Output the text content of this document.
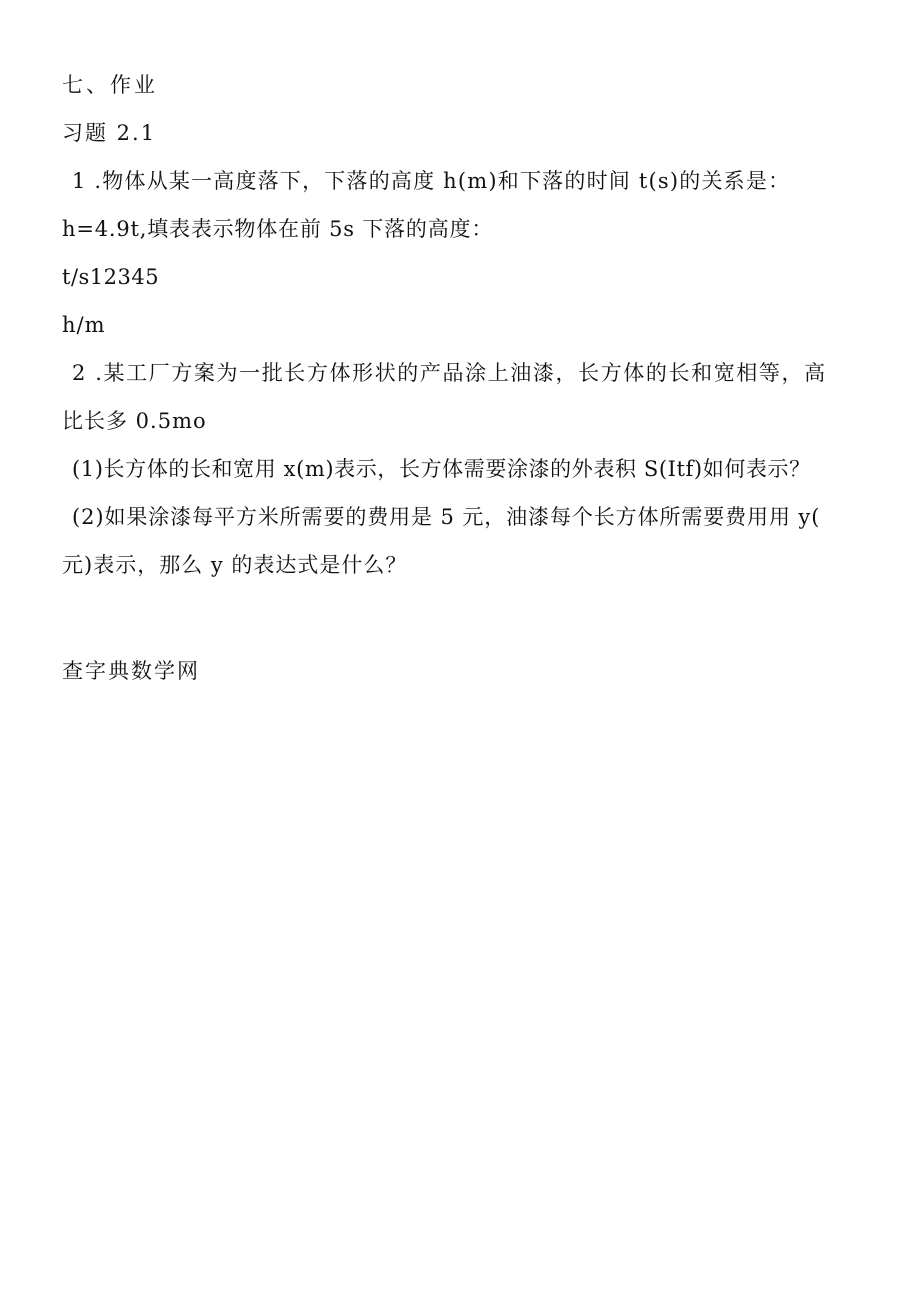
七、作业
习题 2.1
1 .物体从某一高度落下，下落的高度 h(m)和下落的时间 t(s)的关系是：
h=4.9t,填表表示物体在前 5s 下落的高度：
t/s12345
h/m
2 .某工厂方案为一批长方体形状的产品涂上油漆，长方体的长和宽相等，高
比长多 0.5mo
(1)长方体的长和宽用 x(m)表示，长方体需要涂漆的外表积 S(Itf)如何表示？
(2)如果涂漆每平方米所需要的费用是 5 元，油漆每个长方体所需要费用用 y(
元)表示，那么 y 的表达式是什么？
查字典数学网
